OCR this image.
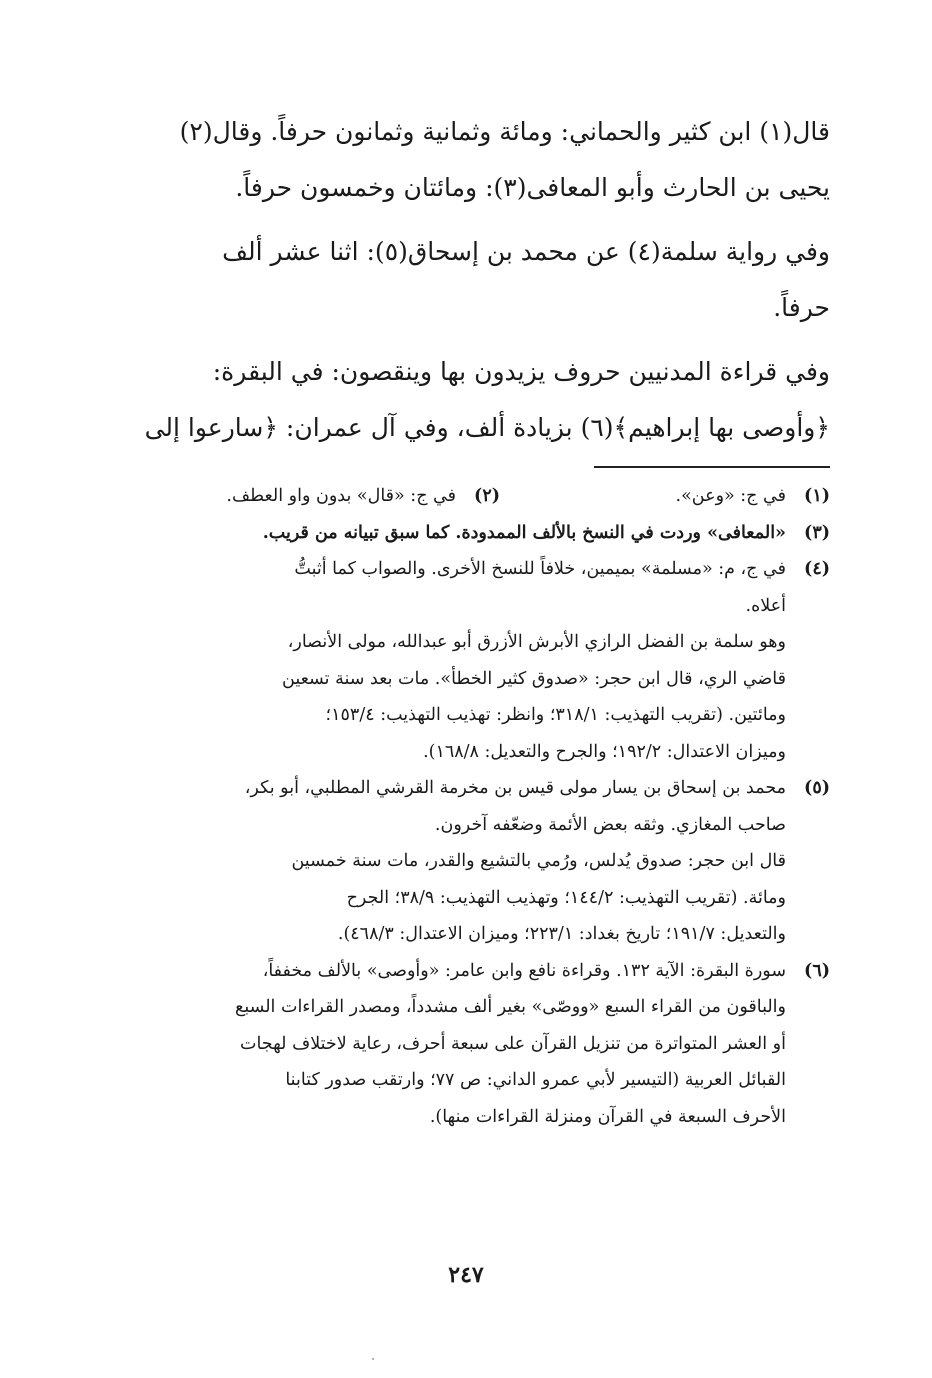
قال(١) ابن كثير والحماني: ومائة وثمانية وثمانون حرفاً. وقال(٢)
يحيى بن الحارث وأبو المعافى(٣): ومائتان وخمسون حرفاً.

وفي رواية سلمة(٤) عن محمد بن إسحاق(٥): اثنا عشر ألف
حرفاً.

وفي قراءة المدنيين حروف يزيدون بها وينقصون: في البقرة:
﴿وأوصى بها إبراهيم﴾(٦) بزيادة ألف، وفي آل عمران: ﴿سارعوا إلى

(١)
في ج: «وعن».
(٢)
في ج: «قال» بدون واو العطف.
(٣)
«المعافى» وردت في النسخ بالألف الممدودة. كما سبق تبيانه من قريب.
(٤)
في ج، م: «مسلمة» بميمين، خلافاً للنسخ الأخرى. والصواب كما أثبتُّ
أعلاه.
وهو سلمة بن الفضل الرازي الأبرش الأزرق أبو عبدالله، مولى الأنصار،
قاضي الري، قال ابن حجر: «صدوق كثير الخطأ». مات بعد سنة تسعين
ومائتين. (تقريب التهذيب: ٣١٨/١؛ وانظر: تهذيب التهذيب: ١٥٣/٤؛
وميزان الاعتدال: ١٩٢/٢؛ والجرح والتعديل: ١٦٨/٨).
(٥)
محمد بن إسحاق بن يسار مولى قيس بن مخرمة القرشي المطلبي، أبو بكر،
صاحب المغازي. وثقه بعض الأئمة وضعّفه آخرون.
قال ابن حجر: صدوق يُدلس، ورُمي بالتشيع والقدر، مات سنة خمسين
ومائة. (تقريب التهذيب: ١٤٤/٢؛ وتهذيب التهذيب: ٣٨/٩؛ الجرح
والتعديل: ١٩١/٧؛ تاريخ بغداد: ٢٢٣/١؛ وميزان الاعتدال: ٤٦٨/٣).
(٦)
سورة البقرة: الآية ١٣٢. وقراءة نافع وابن عامر: «وأوصى» بالألف مخففاً،
والباقون من القراء السبع «ووصّى» بغير ألف مشدداً، ومصدر القراءات السبع
أو العشر المتواترة من تنزيل القرآن على سبعة أحرف، رعاية لاختلاف لهجات
القبائل العربية (التيسير لأبي عمرو الداني: ص ٧٧؛ وارتقب صدور كتابنا
الأحرف السبعة في القرآن ومنزلة القراءات منها).
٢٤٧
